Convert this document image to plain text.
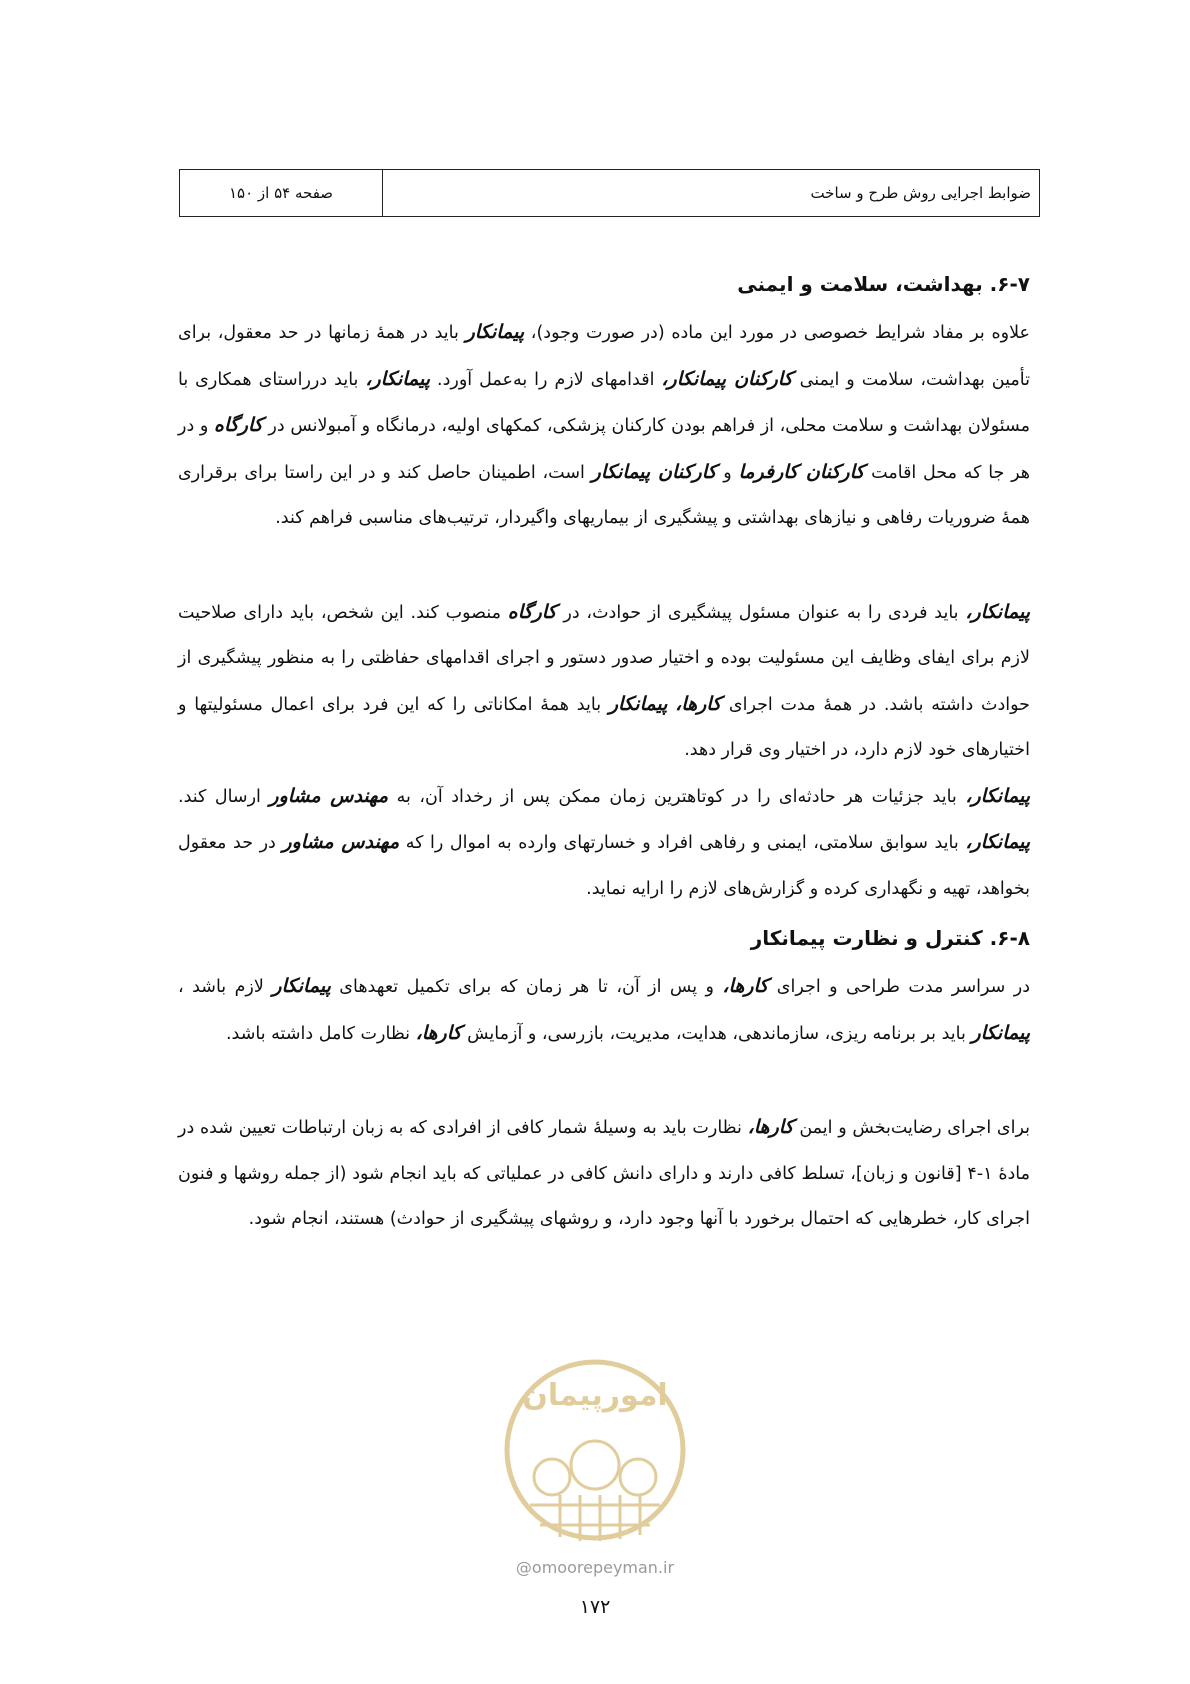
صفحه ۵۴ از ۱۵۰	ضوابط اجرایی روش طرح و ساخت
۶-۷. بهداشت، سلامت و ایمنی

علاوه بر مفاد شرایط خصوصی در مورد این ماده (در صورت وجود)، پیمانکار باید در همهٔ زمانها در حد معقول، برای تأمین بهداشت، سلامت و ایمنی کارکنان پیمانکار، اقدامهای لازم را به‌عمل آورد. پیمانکار، باید درراستای همکاری با مسئولان بهداشت و سلامت محلی، از فراهم بودن کارکنان پزشکی، کمکهای اولیه، درمانگاه و آمبولانس در کارگاه و در هر جا که محل اقامت کارکنان کارفرما و کارکنان پیمانکار است، اطمینان حاصل کند و در این راستا برای برقراری همهٔ ضروریات رفاهی و نیازهای بهداشتی و پیشگیری از بیماریهای واگیردار، ترتیب‌های مناسبی فراهم کند.

پیمانکار، باید فردی را به عنوان مسئول پیشگیری از حوادث، در کارگاه منصوب کند. این شخص، باید دارای صلاحیت لازم برای ایفای وظایف این مسئولیت بوده و اختیار صدور دستور و اجرای اقدامهای حفاظتی را به منظور پیشگیری از حوادث داشته باشد. در همهٔ مدت اجرای کارها، پیمانکار باید همهٔ امکاناتی را که این فرد برای اعمال مسئولیتها و اختیارهای خود لازم دارد، در اختیار وی قرار دهد.

پیمانکار، باید جزئیات هر حادثه‌ای را در کوتاهترین زمان ممکن پس از رخداد آن، به مهندس مشاور ارسال کند. پیمانکار، باید سوابق سلامتی، ایمنی و رفاهی افراد و خسارتهای وارده به اموال را که مهندس مشاور در حد معقول بخواهد، تهیه و نگهداری کرده و گزارش‌های لازم را ارایه نماید.

۶-۸. کنترل و نظارت پیمانکار

در سراسر مدت طراحی و اجرای کارها، و پس از آن، تا هر زمان که برای تکمیل تعهدهای پیمانکار لازم باشد ، پیمانکار باید بر برنامه ریزی، سازماندهی، هدایت، مدیریت، بازرسی، و آزمایش کارها، نظارت کامل داشته باشد.

برای اجرای رضایت‌بخش و ایمن کارها، نظارت باید به وسیلهٔ شمار کافی از افرادی که به زبان ارتباطات تعیین شده در مادهٔ ۱-۴ [قانون و زبان]، تسلط کافی دارند و دارای دانش کافی در عملیاتی که باید انجام شود (از جمله روشها و فنون اجرای کار، خطرهایی که احتمال برخورد با آنها وجود دارد، و روشهای پیشگیری از حوادث) هستند، انجام شود.

امورپیمان
@omoorepeyman.ir
۱۷۲
